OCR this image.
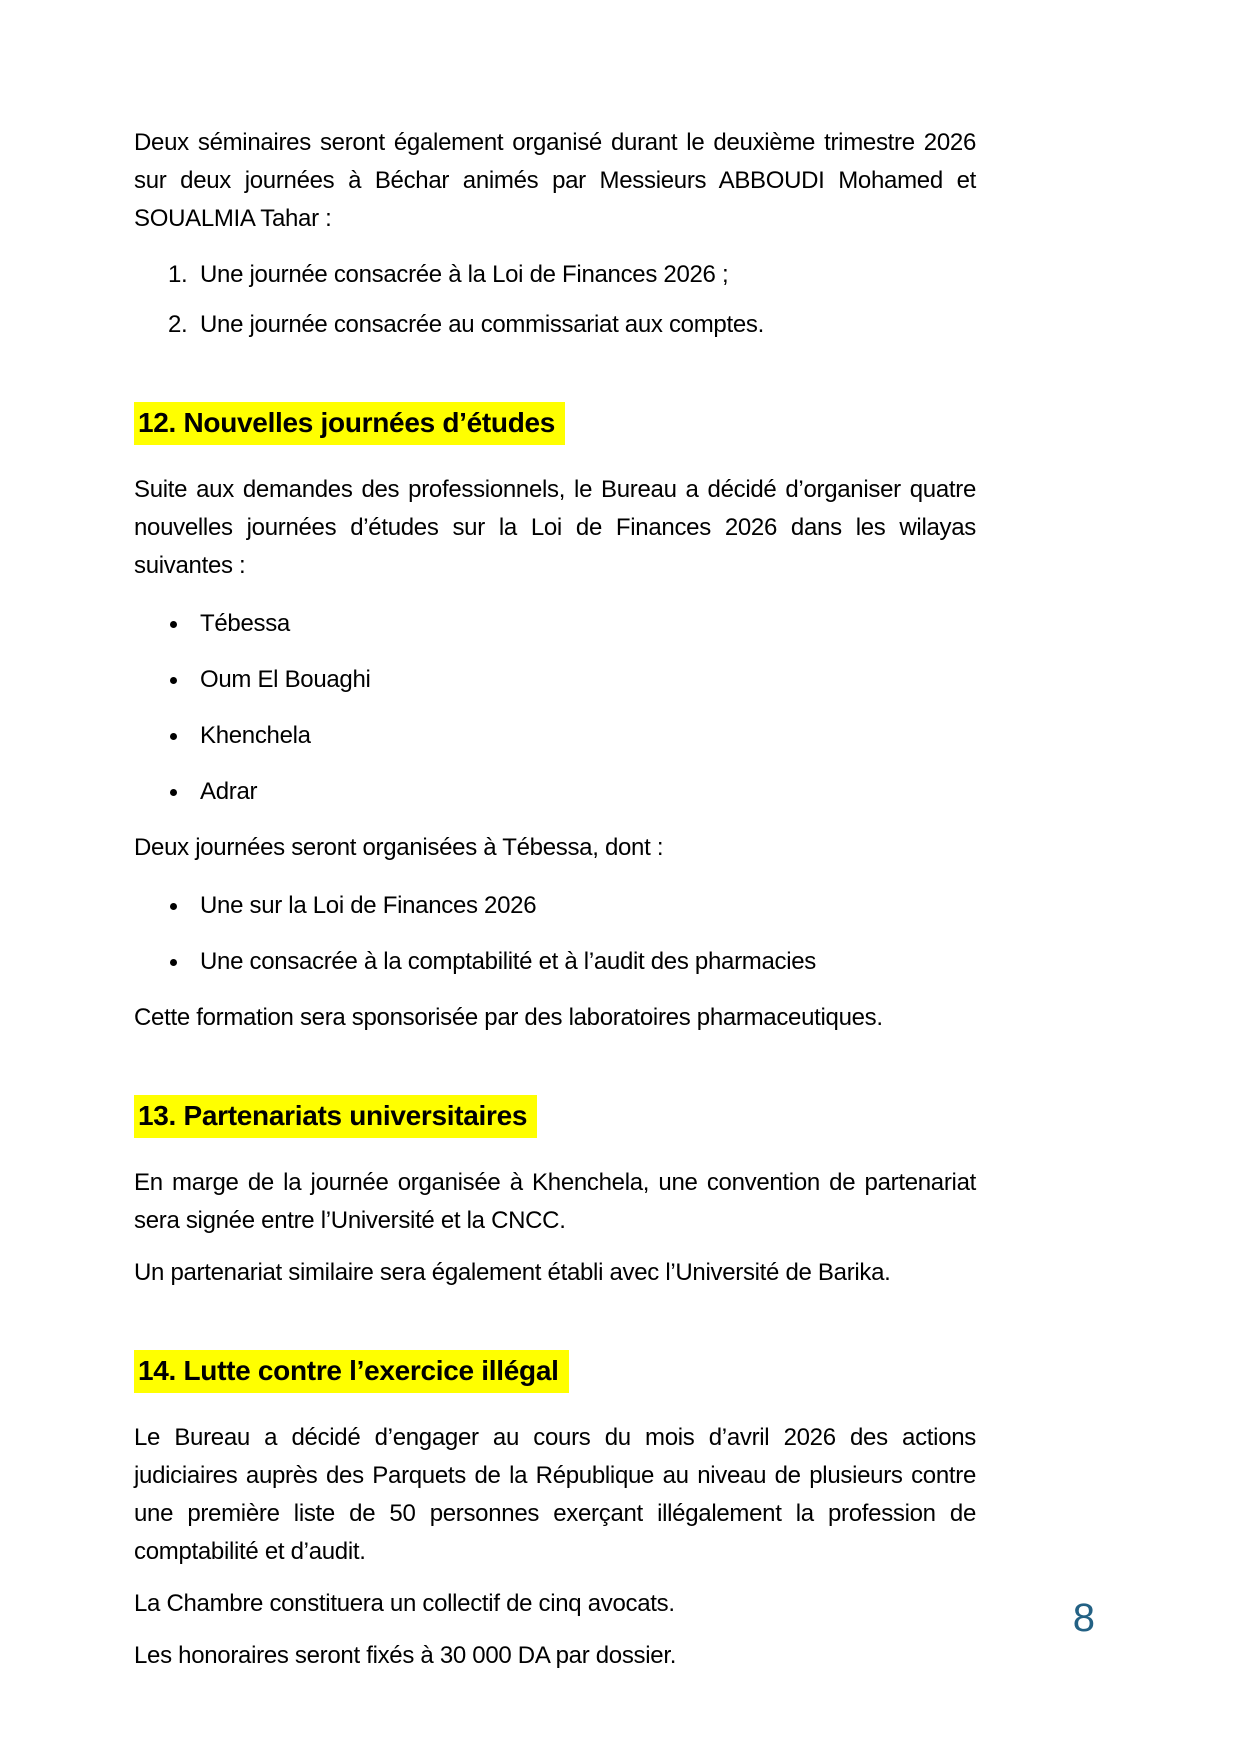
Deux séminaires seront également organisé durant le deuxième trimestre 2026 sur deux journées à Béchar animés par Messieurs ABBOUDI Mohamed et SOUALMIA Tahar :

1. Une journée consacrée à la Loi de Finances 2026 ;
2. Une journée consacrée au commissariat aux comptes.
12. Nouvelles journées d’études

Suite aux demandes des professionnels, le Bureau a décidé d’organiser quatre nouvelles journées d’études sur la Loi de Finances 2026 dans les wilayas suivantes :

Tébessa
Oum El Bouaghi
Khenchela
Adrar

Deux journées seront organisées à Tébessa, dont :

Une sur la Loi de Finances 2026
Une consacrée à la comptabilité et à l’audit des pharmacies

Cette formation sera sponsorisée par des laboratoires pharmaceutiques.

13. Partenariats universitaires

En marge de la journée organisée à Khenchela, une convention de partenariat sera signée entre l’Université et la CNCC.

Un partenariat similaire sera également établi avec l’Université de Barika.

14. Lutte contre l’exercice illégal

Le Bureau a décidé d’engager au cours du mois d’avril 2026 des actions judiciaires auprès des Parquets de la République au niveau de plusieurs contre une première liste de 50 personnes exerçant illégalement la profession de comptabilité et d’audit.

La Chambre constituera un collectif de cinq avocats.

Les honoraires seront fixés à 30 000 DA par dossier.

8
